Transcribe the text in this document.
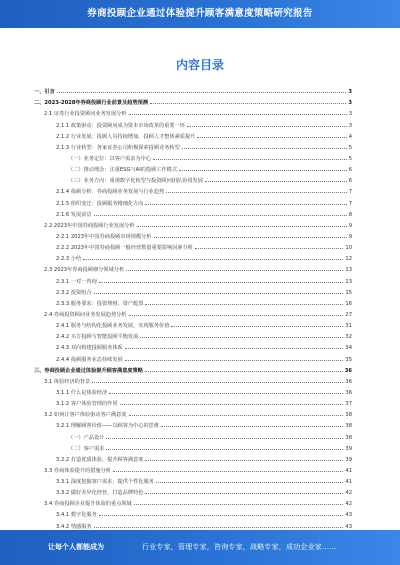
券商投顾企业通过体验提升顾客满意度策略研究报告
内容目录
一、引言	3
二、2023-2028年券商投顾行业前景及趋势预测	3
2.1 证券行业投资顾问业务发展分析	3
2.1.1 政策驱动：投资顾问成为资本市场改革的重要一环	3
2.1.2 行业发展：投顾人员持续增加，投顾人才整体素质提升	4
2.1.3 行业转型：各家证券公司积极探索投顾业务转型	5
（一）业务定位：以客户需求为中心	5
（二）推动理念：注重ESG与AI的投顾工作模式	6
（三）业务方向：重视数字化转型与投资顾问团队协同发展	6
2.1.4 投顾分析：券商投顾业务发展与行业趋势	7
2.1.5 组织变迁：投顾服务精细化方向	7
2.1.6 发展前景	8
2.2 2023年中国券商投顾行业发展分析	9
2.2.1 2023年中国券商投顾市场规模分析	9
2.2.2 2023年中国券商投顾一般经营数量重要影响因素分析	10
2.2.3 小结	12
2.3 2023年券商投顾细分领域分析	13
2.3.1 一对一咨询	13
2.3.2 投资组合	15
2.3.3 服务要求：投资理财、资产配置	16
2.4 券商投资顾问业务发展趋势分析	27
2.4.1 服务与结构化投顾业务发展，实现服务价值	31
2.4.2 买方投顾与智能投顾平衡发展	32
2.4.3 双向构建投顾服务体系	34
2.4.4 投顾服务业态持续发展	35
三、券商投顾企业通过体验提升顾客满意度策略	36
3.1 体验经济的背景	36
3.1.1 什么是体验经济	36
3.1.2 客户体验管理的作用	37
3.2 如何让客户体验驱动客户满意度	38
3.2.1 理解顾客价值——以顾客为中心的思维	38
（一）产品设计	38
（二）客户需求	39
3.2.2 打造优质体验，提升顾客满意度	39
3.3 券商体验提升的措施分析	41
3.3.1 深度挖掘客户需求，提供个性化服务	41
3.3.2 做好差异化经营，打造品牌特色	42
3.4 券商投顾企业提升体验的重点领域	42
3.4.1 数字化服务	43
3.4.2 情感服务	43
让每个人都能成为	行业专家，管理专家，咨询专家，战略专家，成功企业家……
